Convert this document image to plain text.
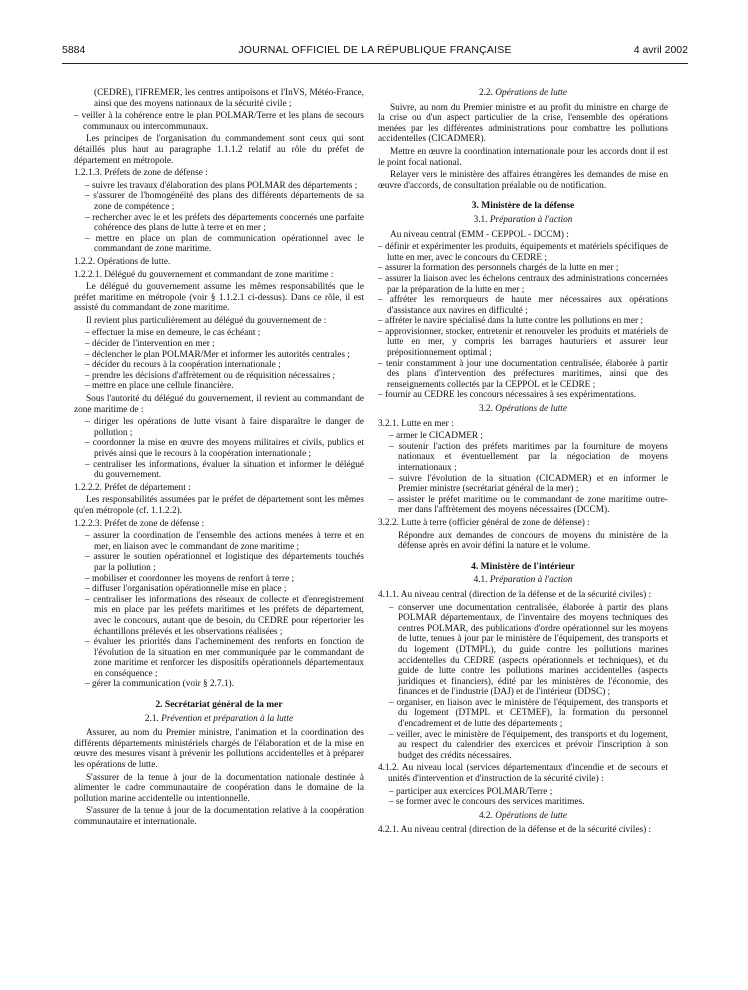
5884	JOURNAL OFFICIEL DE LA RÉPUBLIQUE FRANÇAISE	4 avril 2002

(CEDRE), l'IFREMER, les centres antipoisons et l'InVS, Météo-France, ainsi que des moyens nationaux de la sécurité civile ;

– veiller à la cohérence entre le plan POLMAR/Terre et les plans de secours communaux ou intercommunaux.

Les principes de l'organisation du commandement sont ceux qui sont détaillés plus haut au paragraphe 1.1.1.2 relatif au rôle du préfet de département en métropole.

1.2.1.3. Préfets de zone de défense :

– suivre les travaux d'élaboration des plans POLMAR des départements ;
– s'assurer de l'homogénéité des plans des différents départements de sa zone de compétence ;
– rechercher avec le et les préfets des départements concernés une parfaite cohérence des plans de lutte à terre et en mer ;
– mettre en place un plan de communication opérationnel avec le commandant de zone maritime.

1.2.2. Opérations de lutte.

1.2.2.1. Délégué du gouvernement et commandant de zone maritime :

Le délégué du gouvernement assume les mêmes responsabilités que le préfet maritime en métropole (voir § 1.1.2.1 ci-dessus). Dans ce rôle, il est assisté du commandant de zone maritime.

Il revient plus particulièrement au délégué du gouvernement de :

– effectuer la mise en demeure, le cas échéant ;
– décider de l'intervention en mer ;
– déclencher le plan POLMAR/Mer et informer les autorités centrales ;
– décider du recours à la coopération internationale ;
– prendre les décisions d'affrètement ou de réquisition nécessaires ;
– mettre en place une cellule financière.

Sous l'autorité du délégué du gouvernement, il revient au commandant de zone maritime de :

– diriger les opérations de lutte visant à faire disparaître le danger de pollution ;
– coordonner la mise en œuvre des moyens militaires et civils, publics et privés ainsi que le recours à la coopération internationale ;
– centraliser les informations, évaluer la situation et informer le délégué du gouvernement.

1.2.2.2. Préfet de département :

Les responsabilités assumées par le préfet de département sont les mêmes qu'en métropole (cf. 1.1.2.2).

1.2.2.3. Préfet de zone de défense :

– assurer la coordination de l'ensemble des actions menées à terre et en mer, en liaison avec le commandant de zone maritime ;
– assurer le soutien opérationnel et logistique des départements touchés par la pollution ;
– mobiliser et coordonner les moyens de renfort à terre ;
– diffuser l'organisation opérationnelle mise en place ;
– centraliser les informations des réseaux de collecte et d'enregistrement mis en place par les préfets maritimes et les préfets de département, avec le concours, autant que de besoin, du CEDRE pour répertorier les échantillons prélevés et les observations réalisées ;
– évaluer les priorités dans l'acheminement des renforts en fonction de l'évolution de la situation en mer communiquée par le commandant de zone maritime et renforcer les dispositifs opérationnels départementaux en conséquence ;
– gérer la communication (voir § 2.7.1).
2. Secrétariat général de la mer
2.1. Prévention et préparation à la lutte

Assurer, au nom du Premier ministre, l'animation et la coordination des différents départements ministériels chargés de l'élaboration et de la mise en œuvre des mesures visant à prévenir les pollutions accidentelles et à préparer les opérations de lutte.

S'assurer de la tenue à jour de la documentation nationale destinée à alimenter le cadre communautaire de coopération dans le domaine de la pollution marine accidentelle ou intentionnelle.

S'assurer de la tenue à jour de la documentation relative à la coopération communautaire et internationale.

2.2. Opérations de lutte

Suivre, au nom du Premier ministre et au profit du ministre en charge de la crise ou d'un aspect particulier de la crise, l'ensemble des opérations menées par les différentes administrations pour combattre les pollutions accidentelles (CICADMER).

Mettre en œuvre la coordination internationale pour les accords dont il est le point focal national.

Relayer vers le ministère des affaires étrangères les demandes de mise en œuvre d'accords, de consultation préalable ou de notification.

3. Ministère de la défense
3.1. Préparation à l'action

Au niveau central (EMM - CEPPOL - DCCM) :

– définir et expérimenter les produits, équipements et matériels spécifiques de lutte en mer, avec le concours du CEDRE ;
– assurer la formation des personnels chargés de la lutte en mer ;
– assurer la liaison avec les échelons centraux des administrations concernées par la préparation de la lutte en mer ;
– affréter les remorqueurs de haute mer nécessaires aux opérations d'assistance aux navires en difficulté ;
– affréter le navire spécialisé dans la lutte contre les pollutions en mer ;
– approvisionner, stocker, entretenir et renouveler les produits et matériels de lutte en mer, y compris les barrages hauturiers et assurer leur prépositionnement optimal ;
– tenir constamment à jour une documentation centralisée, élaborée à partir des plans d'intervention des préfectures maritimes, ainsi que des renseignements collectés par la CEPPOL et le CEDRE ;
– fournir au CEDRE les concours nécessaires à ses expérimentations.
3.2. Opérations de lutte

3.2.1. Lutte en mer :

– armer le CICADMER ;
– soutenir l'action des préfets maritimes par la fourniture de moyens nationaux et éventuellement par la négociation de moyens internationaux ;
– suivre l'évolution de la situation (CICADMER) et en informer le Premier ministre (secrétariat général de la mer) ;
– assister le préfet maritime ou le commandant de zone maritime outre-mer dans l'affrètement des moyens nécessaires (DCCM).

3.2.2. Lutte à terre (officier général de zone de défense) :

Répondre aux demandes de concours de moyens du ministère de la défense après en avoir défini la nature et le volume.

4. Ministère de l'intérieur
4.1. Préparation à l'action

4.1.1. Au niveau central (direction de la défense et de la sécurité civiles) :

– conserver une documentation centralisée, élaborée à partir des plans POLMAR départementaux, de l'inventaire des moyens techniques des centres POLMAR, des publications d'ordre opérationnel sur les moyens de lutte, tenues à jour par le ministère de l'équipement, des transports et du logement (DTMPL), du guide contre les pollutions marines accidentelles du CEDRE (aspects opérationnels et techniques), et du guide de lutte contre les pollutions marines accidentelles (aspects juridiques et financiers), édité par les ministères de l'économie, des finances et de l'industrie (DAJ) et de l'intérieur (DDSC) ;
– organiser, en liaison avec le ministère de l'équipement, des transports et du logement (DTMPL et CETMEF), la formation du personnel d'encadrement et de lutte des départements ;
– veiller, avec le ministère de l'équipement, des transports et du logement, au respect du calendrier des exercices et prévoir l'inscription à son budget des crédits nécessaires.

4.1.2. Au niveau local (services départementaux d'incendie et de secours et unités d'intervention et d'instruction de la sécurité civile) :

– participer aux exercices POLMAR/Terre ;
– se former avec le concours des services maritimes.
4.2. Opérations de lutte

4.2.1. Au niveau central (direction de la défense et de la sécurité civiles) :
